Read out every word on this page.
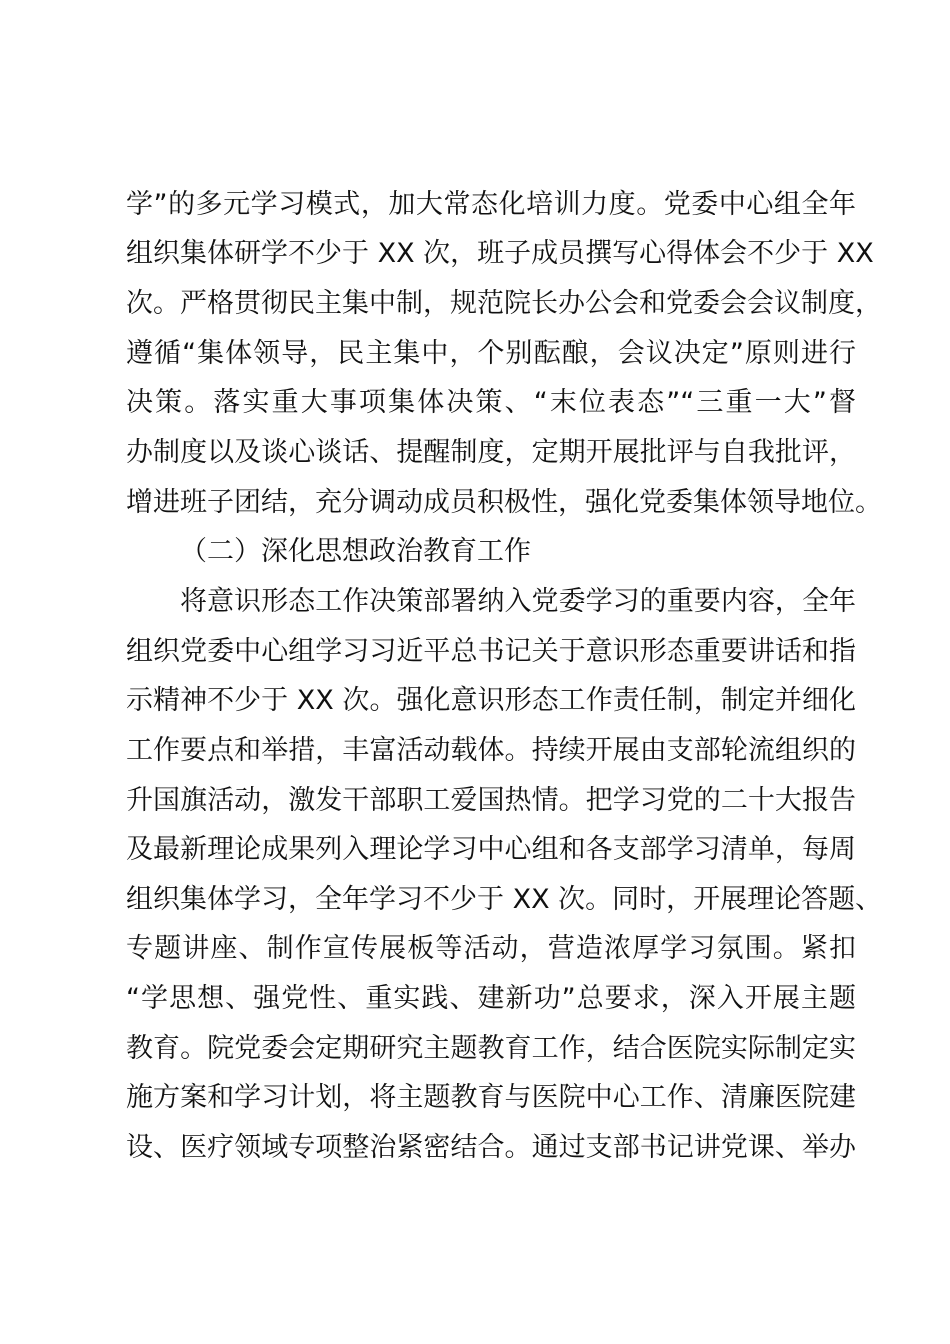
学”的多元学习模式，加大常态化培训力度。党委中心组全年
组织集体研学不少于 XX 次，班子成员撰写心得体会不少于 XX
次。严格贯彻民主集中制，规范院长办公会和党委会会议制度，
遵循“集体领导，民主集中，个别酝酿，会议决定”原则进行
决策。落实重大事项集体决策、“末位表态”“三重一大”督
办制度以及谈心谈话、提醒制度，定期开展批评与自我批评，
增进班子团结，充分调动成员积极性，强化党委集体领导地位。
（二）深化思想政治教育工作
将意识形态工作决策部署纳入党委学习的重要内容，全年
组织党委中心组学习习近平总书记关于意识形态重要讲话和指
示精神不少于 XX 次。强化意识形态工作责任制，制定并细化
工作要点和举措，丰富活动载体。持续开展由支部轮流组织的
升国旗活动，激发干部职工爱国热情。把学习党的二十大报告
及最新理论成果列入理论学习中心组和各支部学习清单，每周
组织集体学习，全年学习不少于 XX 次。同时，开展理论答题、
专题讲座、制作宣传展板等活动，营造浓厚学习氛围。紧扣
“学思想、强党性、重实践、建新功”总要求，深入开展主题
教育。院党委会定期研究主题教育工作，结合医院实际制定实
施方案和学习计划，将主题教育与医院中心工作、清廉医院建
设、医疗领域专项整治紧密结合。通过支部书记讲党课、举办
